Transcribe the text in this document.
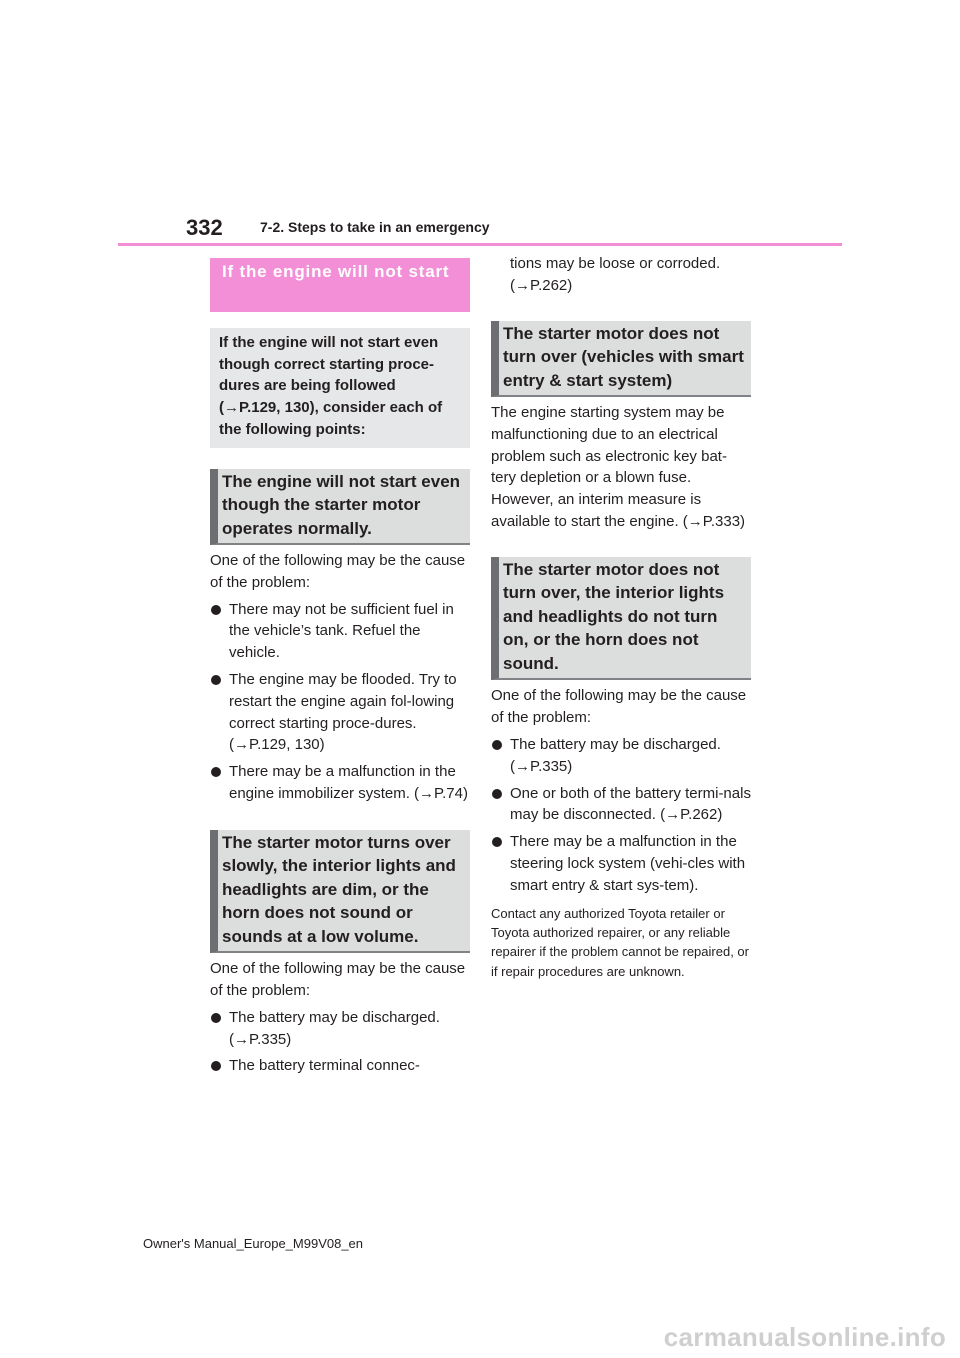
332	7-2. Steps to take in an emergency
If the engine will not start
If the engine will not start even though correct starting proce-dures are being followed (→P.129, 130), consider each of the following points:
The engine will not start even though the starter motor operates normally.

One of the following may be the cause of the problem:

There may not be sufficient fuel in the vehicle’s tank. Refuel the vehicle.
The engine may be flooded. Try to restart the engine again fol-lowing correct starting proce-dures. (→P.129, 130)
There may be a malfunction in the engine immobilizer system. (→P.74)
The starter motor turns over slowly, the interior lights and headlights are dim, or the horn does not sound or sounds at a low volume.

One of the following may be the cause of the problem:

The battery may be discharged. (→P.335)
The battery terminal connec-

tions may be loose or corroded. (→P.262)

The starter motor does not turn over (vehicles with smart entry & start system)

The engine starting system may be malfunctioning due to an electrical problem such as electronic key bat-tery depletion or a blown fuse. However, an interim measure is available to start the engine. (→P.333)

The starter motor does not turn over, the interior lights and headlights do not turn on, or the horn does not sound.

One of the following may be the cause of the problem:

The battery may be discharged. (→P.335)
One or both of the battery termi-nals may be disconnected. (→P.262)
There may be a malfunction in the steering lock system (vehi-cles with smart entry & start sys-tem).

Contact any authorized Toyota retailer or Toyota authorized repairer, or any reliable repairer if the problem cannot be repaired, or if repair procedures are unknown.

Owner's Manual_Europe_M99V08_en
carmanualsonline.info
